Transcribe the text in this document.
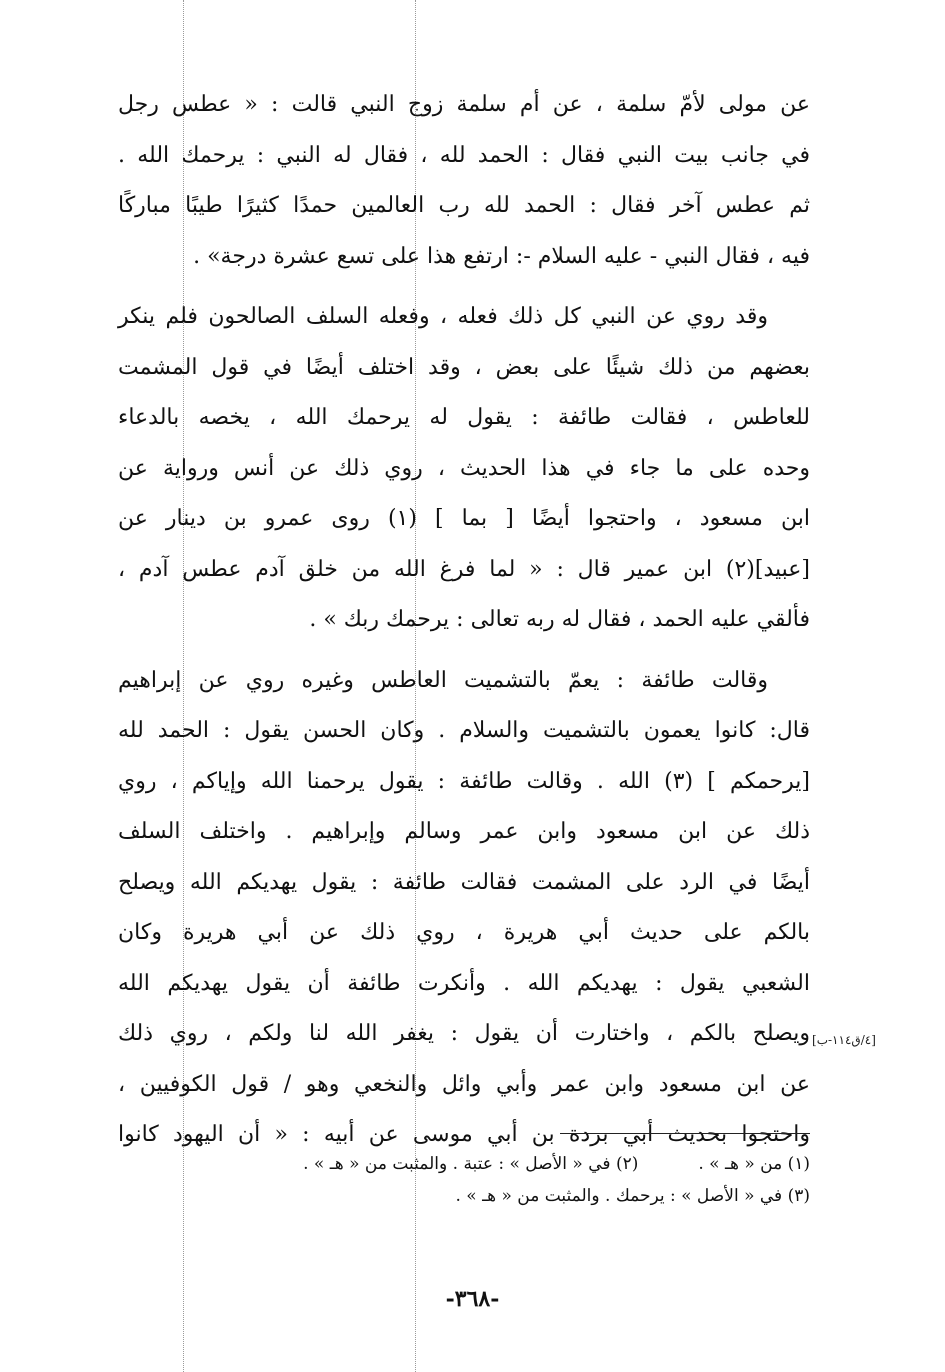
عن مولى لأمّ سلمة ، عن أم سلمة زوج النبي قالت : « عطس رجل
في جانب بيت النبي فقال : الحمد لله ، فقال له النبي : يرحمك الله .
ثم عطس آخر فقال : الحمد لله رب العالمين حمدًا كثيرًا طيبًا مباركًا
فيه ، فقال النبي - عليه السلام -: ارتفع هذا على تسع عشرة درجة» .

وقد روي عن النبي كل ذلك فعله ، وفعله السلف الصالحون فلم ينكر
بعضهم من ذلك شيئًا على بعض ، وقد اختلف أيضًا في قول المشمت
للعاطس ، فقالت طائفة : يقول له يرحمك الله ، يخصه بالدعاء
وحده على ما جاء في هذا الحديث ، روي ذلك عن أنس ورواية عن
ابن مسعود ، واحتجوا أيضًا [ بما ] (١) روى عمرو بن دينار عن
[عبيد](٢) ابن عمير قال : « لما فرغ الله من خلق آدم عطس آدم ،
فألقي عليه الحمد ، فقال له ربه تعالى : يرحمك ربك » .

وقالت طائفة : يعمّ بالتشميت العاطس وغيره روي عن إبراهيم
قال: كانوا يعمون بالتشميت والسلام . وكان الحسن يقول : الحمد لله
[يرحمكم ] (٣) الله . وقالت طائفة : يقول يرحمنا الله وإياكم ، روي
ذلك عن ابن مسعود وابن عمر وسالم وإبراهيم . واختلف السلف
أيضًا في الرد على المشمت فقالت طائفة : يقول يهديكم الله ويصلح
بالكم على حديث أبي هريرة ، روي ذلك عن أبي هريرة وكان
الشعبي يقول : يهديكم الله . وأنكرت طائفة أن يقول يهديكم الله
ويصلح بالكم ، واختارت أن يقول : يغفر الله لنا ولكم ، روي ذلك
عن ابن مسعود وابن عمر وأبي وائل والنخعي وهو / قول الكوفيين ،
واحتجوا بحديث أبي بردة بن أبي موسى عن أبيه : « أن اليهود كانوا

[٤/ق١١٤-ب]
(١) من « هـ » .
(٢) في « الأصل » : عتبة . والمثبت من « هـ » .
(٣) في « الأصل » : يرحمك . والمثبت من « هـ » .
-٣٦٨-
